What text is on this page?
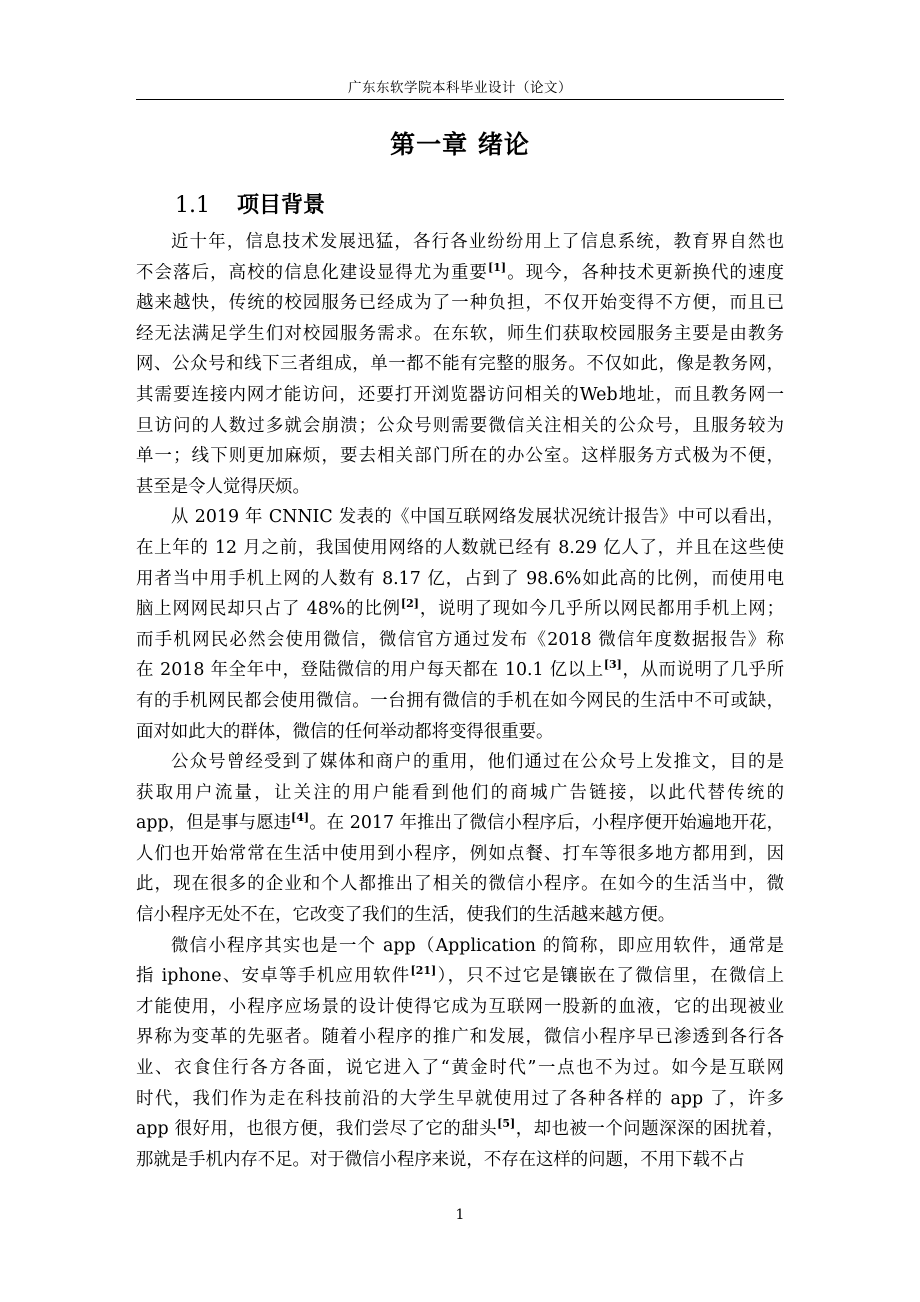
广东东软学院本科毕业设计（论文）
第一章 绪论
1.1 项目背景
近十年，信息技术发展迅猛，各行各业纷纷用上了信息系统，教育界自然也
不会落后，高校的信息化建设显得尤为重要[1]。现今，各种技术更新换代的速度
越来越快，传统的校园服务已经成为了一种负担，不仅开始变得不方便，而且已
经无法满足学生们对校园服务需求。在东软，师生们获取校园服务主要是由教务
网、公众号和线下三者组成，单一都不能有完整的服务。不仅如此，像是教务网，
其需要连接内网才能访问，还要打开浏览器访问相关的Web地址，而且教务网一
旦访问的人数过多就会崩溃；公众号则需要微信关注相关的公众号，且服务较为
单一；线下则更加麻烦，要去相关部门所在的办公室。这样服务方式极为不便，
甚至是令人觉得厌烦。
从 2019 年 CNNIC 发表的《中国互联网络发展状况统计报告》中可以看出，
在上年的 12 月之前，我国使用网络的人数就已经有 8.29 亿人了，并且在这些使
用者当中用手机上网的人数有 8.17 亿，占到了 98.6%如此高的比例，而使用电
脑上网网民却只占了 48%的比例[2]，说明了现如今几乎所以网民都用手机上网；
而手机网民必然会使用微信，微信官方通过发布《2018 微信年度数据报告》称
在 2018 年全年中，登陆微信的用户每天都在 10.1 亿以上[3]，从而说明了几乎所
有的手机网民都会使用微信。一台拥有微信的手机在如今网民的生活中不可或缺，
面对如此大的群体，微信的任何举动都将变得很重要。
公众号曾经受到了媒体和商户的重用，他们通过在公众号上发推文，目的是
获取用户流量，让关注的用户能看到他们的商城广告链接，以此代替传统的
app，但是事与愿违[4]。在 2017 年推出了微信小程序后，小程序便开始遍地开花，
人们也开始常常在生活中使用到小程序，例如点餐、打车等很多地方都用到，因
此，现在很多的企业和个人都推出了相关的微信小程序。在如今的生活当中，微
信小程序无处不在，它改变了我们的生活，使我们的生活越来越方便。
微信小程序其实也是一个 app（Application 的简称，即应用软件，通常是
指 iphone、安卓等手机应用软件[21]），只不过它是镶嵌在了微信里，在微信上
才能使用，小程序应场景的设计使得它成为互联网一股新的血液，它的出现被业
界称为变革的先驱者。随着小程序的推广和发展，微信小程序早已渗透到各行各
业、衣食住行各方各面，说它进入了“黄金时代”一点也不为过。如今是互联网
时代，我们作为走在科技前沿的大学生早就使用过了各种各样的 app 了，许多
app 很好用，也很方便，我们尝尽了它的甜头[5]，却也被一个问题深深的困扰着，
那就是手机内存不足。对于微信小程序来说，不存在这样的问题，不用下载不占
1
